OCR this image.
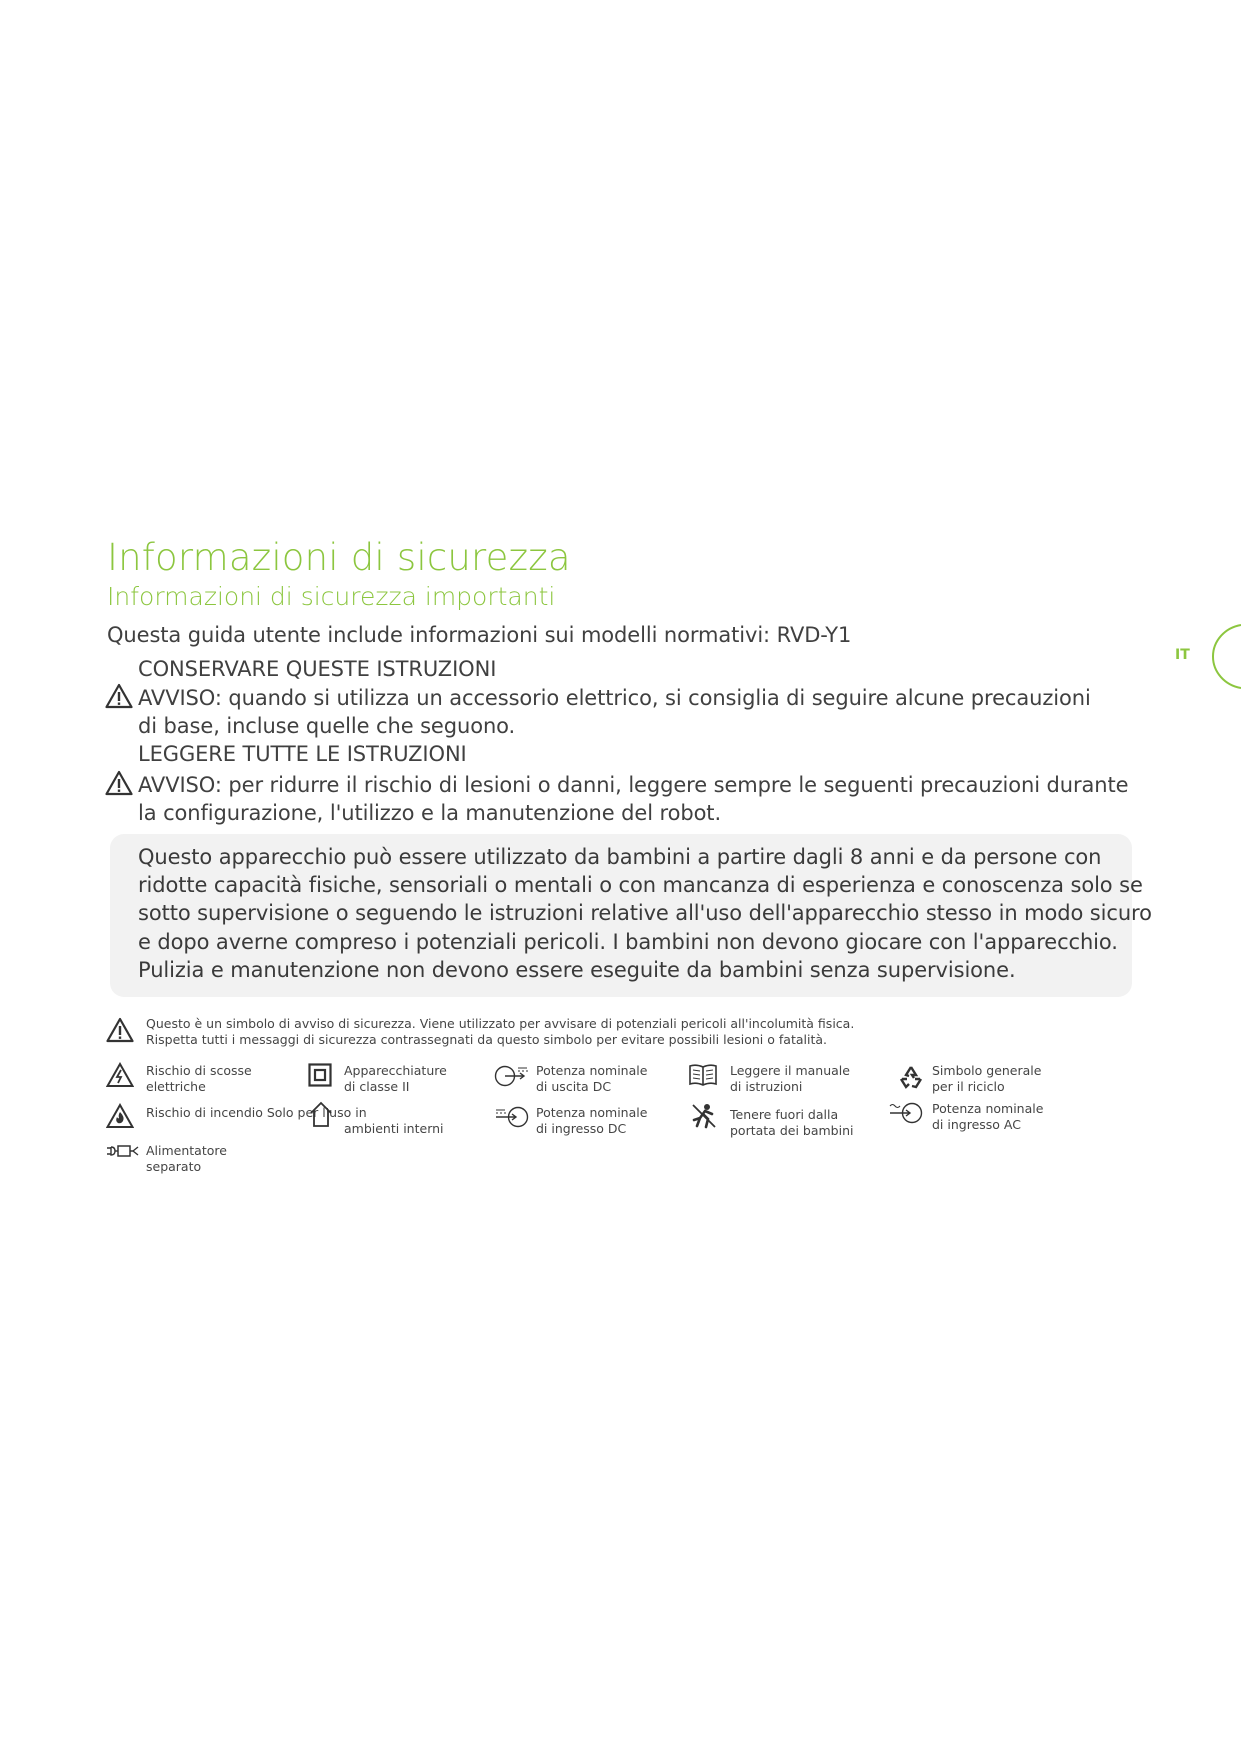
Informazioni di sicurezza
Informazioni di sicurezza importanti
IT
Questa guida utente include informazioni sui modelli normativi: RVD-Y1
CONSERVARE QUESTE ISTRUZIONI
AVVISO: quando si utilizza un accessorio elettrico, si consiglia di seguire alcune precauzioni
di base, incluse quelle che seguono.
LEGGERE TUTTE LE ISTRUZIONI
AVVISO: per ridurre il rischio di lesioni o danni, leggere sempre le seguenti precauzioni durante
la configurazione, l'utilizzo e la manutenzione del robot.
Questo apparecchio può essere utilizzato da bambini a partire dagli 8 anni e da persone con
ridotte capacità fisiche, sensoriali o mentali o con mancanza di esperienza e conoscenza solo se
sotto supervisione o seguendo le istruzioni relative all'uso dell'apparecchio stesso in modo sicuro
e dopo averne compreso i potenziali pericoli. I bambini non devono giocare con l'apparecchio.
Pulizia e manutenzione non devono essere eseguite da bambini senza supervisione.
Questo è un simbolo di avviso di sicurezza. Viene utilizzato per avvisare di potenziali pericoli all'incolumità fisica.
Rispetta tutti i messaggi di sicurezza contrassegnati da questo simbolo per evitare possibili lesioni o fatalità.
Rischio di scosse
elettriche
Apparecchiature
di classe II
Potenza nominale
di uscita DC
Leggere il manuale
di istruzioni
Simbolo generale
per il riciclo
Rischio di incendio Solo per l'uso in
ambienti interni
Potenza nominale
di ingresso DC
Tenere fuori dalla
portata dei bambini
Potenza nominale
di ingresso AC
Alimentatore
separato
